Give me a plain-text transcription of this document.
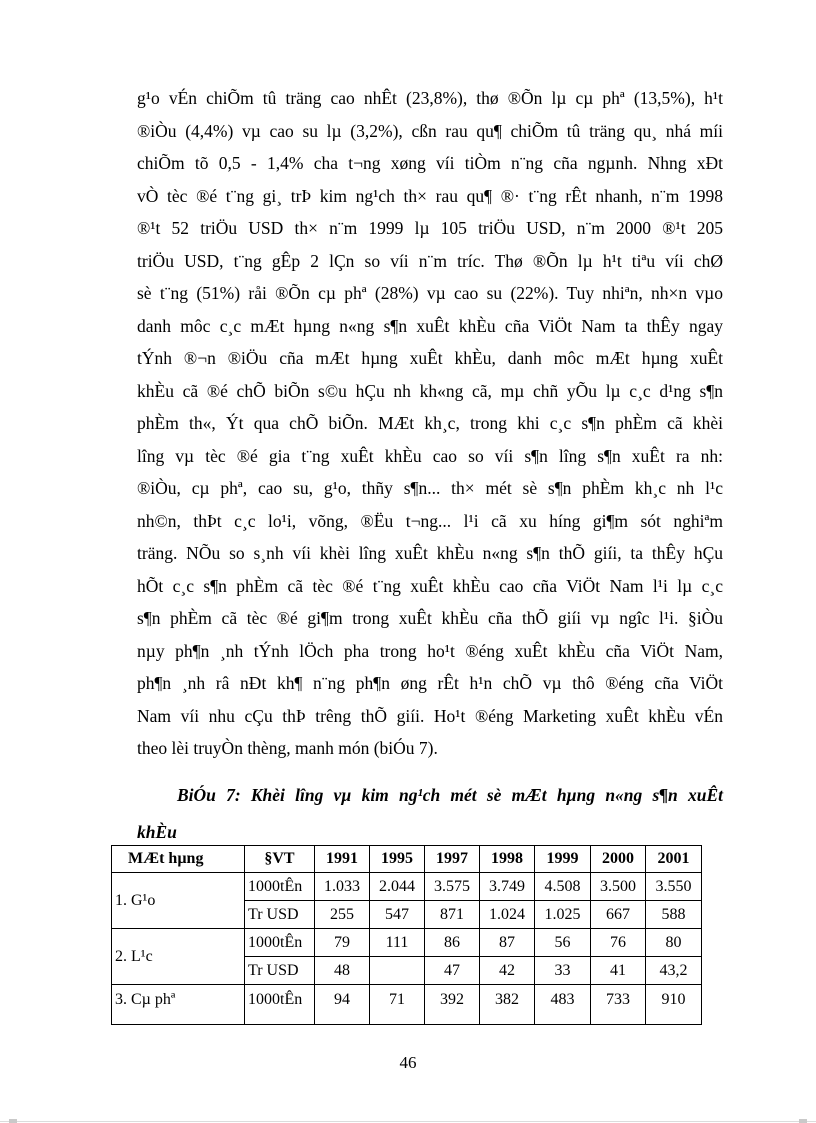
g¹o vÉn chiÕm tû träng cao nhÊt (23,8%), thø ®Õn lµ cµ phª (13,5%), h¹t
®iÒu (4,4%) vµ cao su lµ (3,2%), cßn rau qu¶ chiÕm tû träng qu¸ nhá míi
chiÕm tõ 0,5 - 1,4% cha t¬ng xøng víi tiÒm n¨ng cña ngµnh. Nhng xÐt
vÒ tèc ®é t¨ng gi¸ trÞ kim ng¹ch th× rau qu¶ ®· t¨ng rÊt nhanh, n¨m 1998
®¹t 52 triÖu USD th× n¨m 1999 lµ 105 triÖu USD, n¨m 2000 ®¹t 205
triÖu USD, t¨ng gÊp 2 lÇn so víi n¨m tríc. Thø ®Õn lµ h¹t tiªu víi chØ
sè t¨ng (51%) råi ®Õn cµ phª (28%) vµ cao su (22%). Tuy nhiªn, nh×n vµo
danh môc c¸c mÆt hµng n«ng s¶n xuÊt khÈu cña ViÖt Nam ta thÊy ngay
tÝnh ®¬n ®iÖu cña mÆt hµng xuÊt khÈu, danh môc mÆt hµng xuÊt
khÈu cã ®é chÕ biÕn s©u hÇu nh kh«ng cã, mµ chñ yÕu lµ c¸c d¹ng s¶n
phÈm th«, Ýt qua chÕ biÕn. MÆt kh¸c, trong khi c¸c s¶n phÈm cã khèi
lîng vµ tèc ®é gia t¨ng xuÊt khÈu cao so víi s¶n lîng s¶n xuÊt ra nh:
®iÒu, cµ phª, cao su, g¹o, thñy s¶n... th× mét sè s¶n phÈm kh¸c nh l¹c
nh©n, thÞt c¸c lo¹i, võng, ®Ëu t¬ng... l¹i cã xu híng gi¶m sót nghiªm
träng. NÕu so s¸nh víi khèi lîng xuÊt khÈu n«ng s¶n thÕ giíi, ta thÊy hÇu
hÕt c¸c s¶n phÈm cã tèc ®é t¨ng xuÊt khÈu cao cña ViÖt Nam l¹i lµ c¸c
s¶n phÈm cã tèc ®é gi¶m trong xuÊt khÈu cña thÕ giíi vµ ngîc l¹i. §iÒu
nµy ph¶n ¸nh tÝnh lÖch pha trong ho¹t ®éng xuÊt khÈu cña ViÖt Nam,
ph¶n ¸nh râ nÐt kh¶ n¨ng ph¶n øng rÊt h¹n chÕ vµ thô ®éng cña ViÖt
Nam víi nhu cÇu thÞ trêng thÕ giíi. Ho¹t ®éng Marketing xuÊt khÈu vÉn
theo lèi truyÒn thèng, manh món (biÓu 7).
BiÓu 7: Khèi lîng vµ kim ng¹ch mét sè mÆt hµng n«ng s¶n xuÊt
khÈu
MÆt hµng	§VT	1991	1995	1997	1998	1999	2000	2001
1. G¹o	1000tÊn	1.033	2.044	3.575	3.749	4.508	3.500	3.550
	Tr USD	255	547	871	1.024	1.025	667	588
2. L¹c	1000tÊn	79	111	86	87	56	76	80
	Tr USD	48		47	42	33	41	43,2
3. Cµ phª	1000tÊn	94	71	392	382	483	733	910
46
